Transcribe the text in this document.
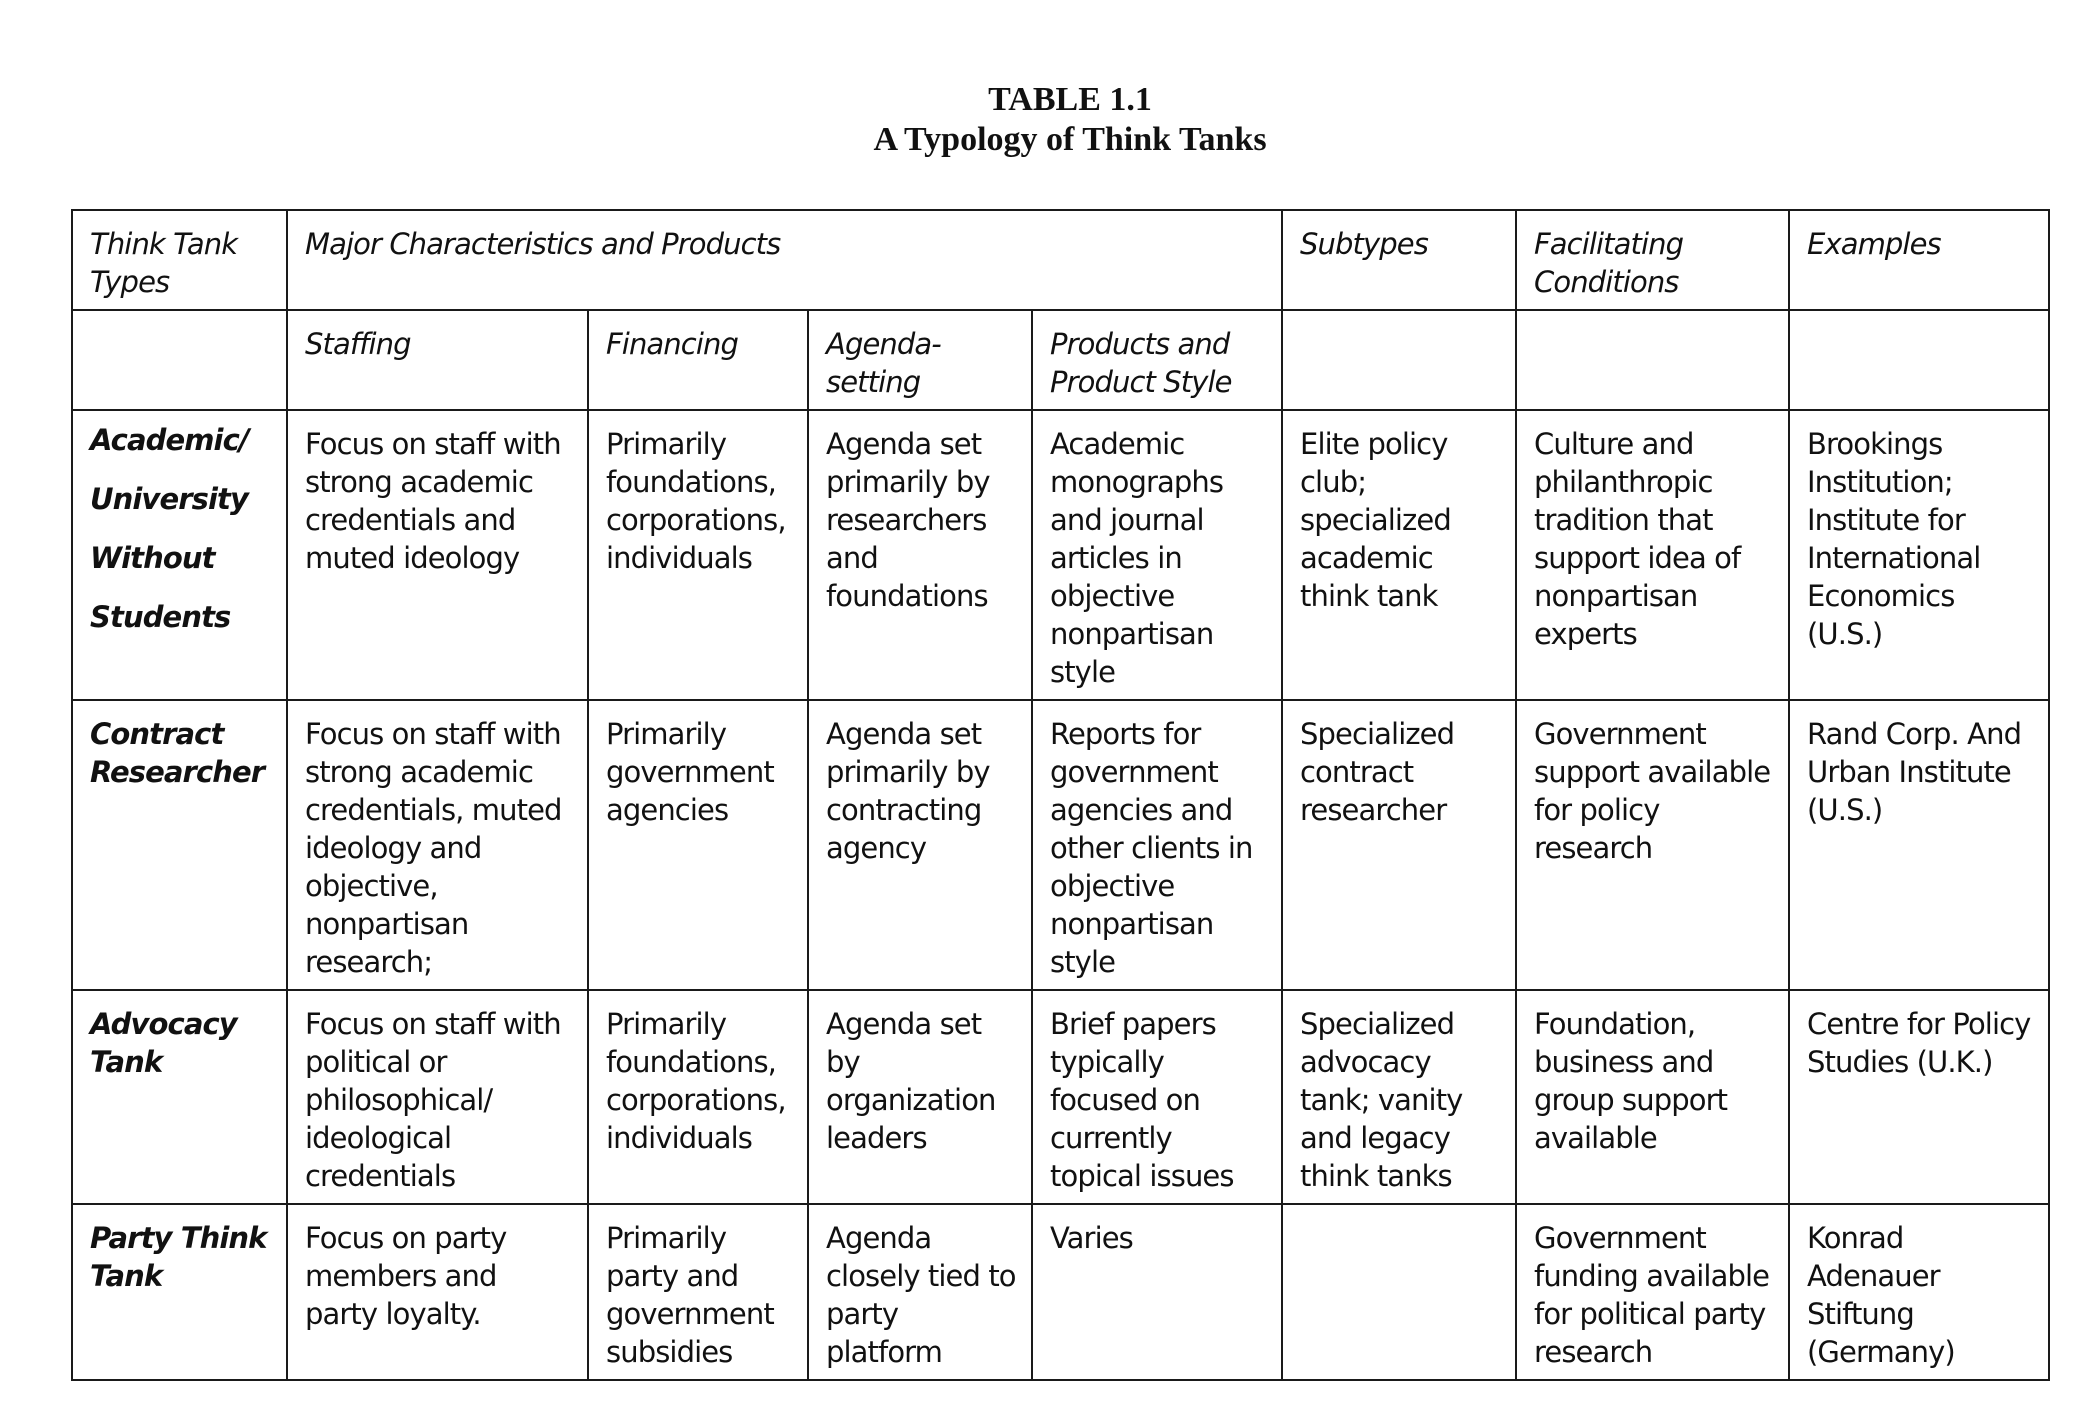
TABLE 1.1
A Typology of Think Tanks
Think Tank Types	Major Characteristics and Products				Subtypes	Facilitating Conditions	Examples
	Staffing	Financing	Agenda-setting	Products and Product Style			
Academic/
University
Without
Students	Focus on staff with strong academic credentials and muted ideology	Primarily foundations, corporations, individuals	Agenda set primarily by researchers and foundations	Academic monographs and journal articles in objective nonpartisan style	Elite policy club; specialized academic think tank	Culture and philanthropic tradition that support idea of nonpartisan experts	Brookings Institution; Institute for International Economics (U.S.)
Contract Researcher	Focus on staff with strong academic credentials, muted ideology and objective, nonpartisan research;	Primarily government agencies	Agenda set primarily by contracting agency	Reports for government agencies and other clients in objective nonpartisan style	Specialized contract researcher	Government support available for policy research	Rand Corp. And Urban Institute (U.S.)
Advocacy Tank	Focus on staff with political or philosophical/ ideological credentials	Primarily foundations, corporations, individuals	Agenda set by organization leaders	Brief papers typically focused on currently topical issues	Specialized advocacy tank; vanity and legacy think tanks	Foundation, business and group support available	Centre for Policy Studies (U.K.)
Party Think Tank	Focus on party members and party loyalty.	Primarily party and government subsidies	Agenda closely tied to party platform	Varies		Government funding available for political party research	Konrad Adenauer Stiftung (Germany)
